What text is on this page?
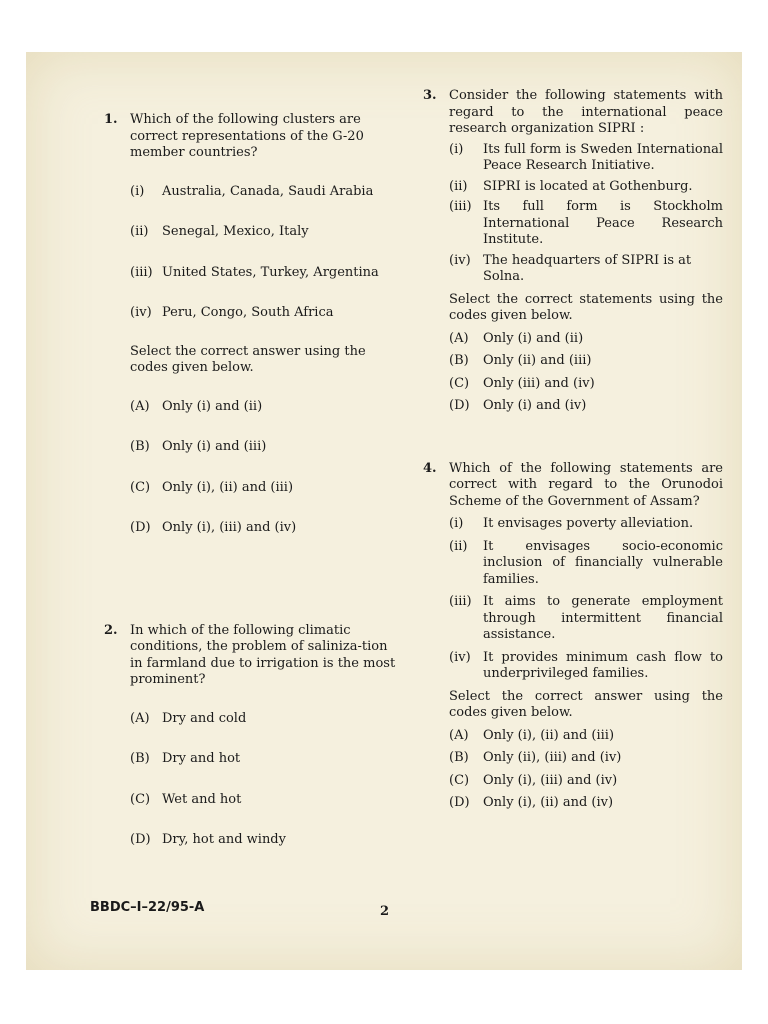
1. Which of the following clusters are correct representations of the G-20 member countries?
(i)	Australia, Canada, Saudi Arabia
(ii)	Senegal, Mexico, Italy
(iii) United States, Turkey, Argentina
(iv) Peru, Congo, South Africa
Select the correct answer using the codes given below.
(A) Only (i) and (ii)
(B) Only (i) and (iii)
(C) Only (i), (ii) and (iii)
(D) Only (i), (iii) and (iv)
2. In which of the following climatic conditions, the problem of saliniza-tion in farmland due to irrigation is the most prominent?
(A) Dry and cold
(B) Dry and hot
(C) Wet and hot
(D) Dry, hot and windy
3. Consider the following statements with regard to the international peace research organization SIPRI :
(i)	Its full form is Sweden International Peace Research Initiative.
(ii)	SIPRI is located at Gothenburg.
(iii) Its full form is Stockholm International Peace Research Institute.
(iv) The headquarters of SIPRI is at Solna.
Select the correct statements using the codes given below.
(A)	Only (i) and (ii)
(B)	Only (ii) and (iii)
(C)	Only (iii) and (iv)
(D)	Only (i) and (iv)
4. Which of the following statements are correct with regard to the Orunodoi Scheme of the Government of Assam?
(i)	It envisages poverty alleviation.
(ii)	It envisages socio-economic inclusion of financially vulnerable families.
(iii) It aims to generate employment through intermittent financial assistance.
(iv) It provides minimum cash flow to underprivileged families.
Select the correct answer using the codes given below.
(A)	Only (i), (ii) and (iii)
(B)	Only (ii), (iii) and (iv)
(C)	Only (i), (iii) and (iv)
(D)	Only (i), (ii) and (iv)
BBDC–I–22/95-A	2
